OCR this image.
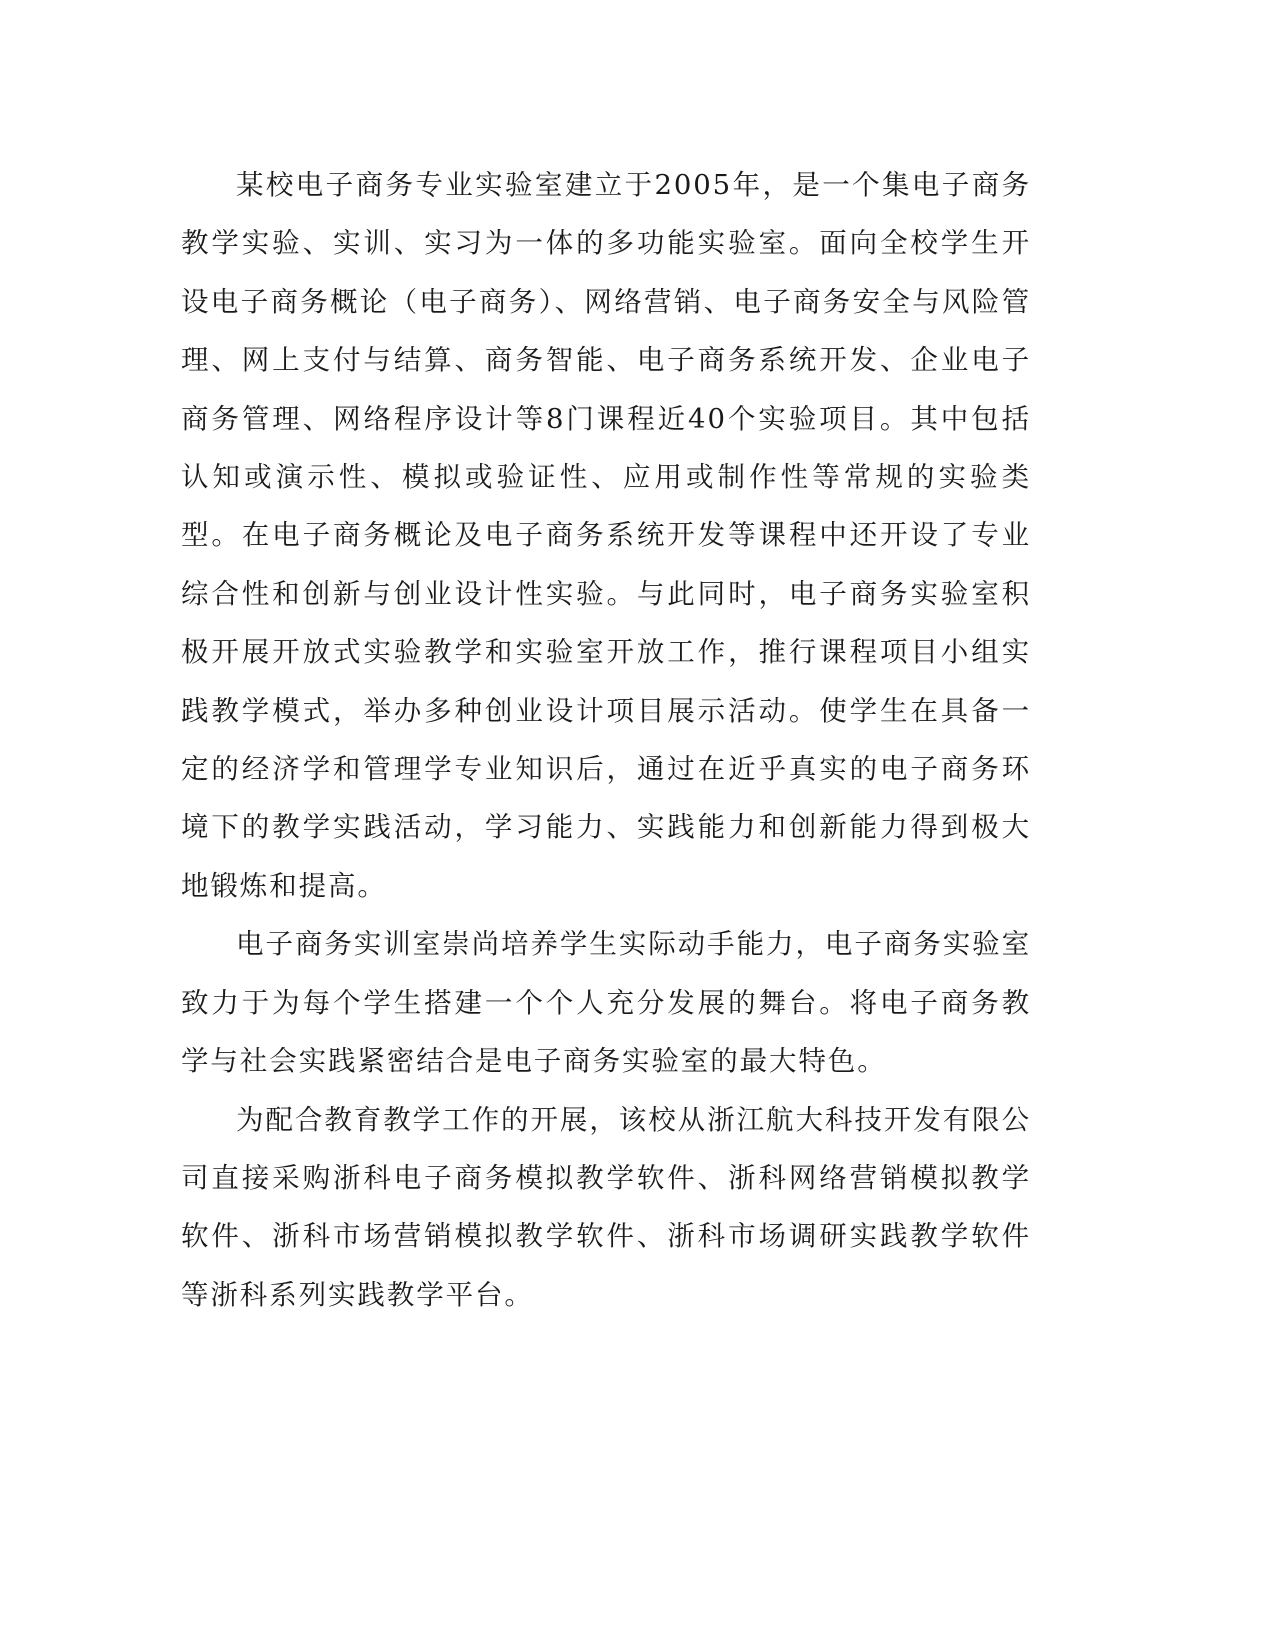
某校电子商务专业实验室建立于2005年，是一个集电子商务教学实验、实训、实习为一体的多功能实验室。面向全校学生开设电子商务概论（电子商务）、网络营销、电子商务安全与风险管理、网上支付与结算、商务智能、电子商务系统开发、企业电子商务管理、网络程序设计等8门课程近40个实验项目。其中包括认知或演示性、模拟或验证性、应用或制作性等常规的实验类型。在电子商务概论及电子商务系统开发等课程中还开设了专业综合性和创新与创业设计性实验。与此同时，电子商务实验室积极开展开放式实验教学和实验室开放工作，推行课程项目小组实践教学模式，举办多种创业设计项目展示活动。使学生在具备一定的经济学和管理学专业知识后，通过在近乎真实的电子商务环境下的教学实践活动，学习能力、实践能力和创新能力得到极大地锻炼和提高。

电子商务实训室崇尚培养学生实际动手能力，电子商务实验室致力于为每个学生搭建一个个人充分发展的舞台。将电子商务教学与社会实践紧密结合是电子商务实验室的最大特色。

为配合教育教学工作的开展，该校从浙江航大科技开发有限公司直接采购浙科电子商务模拟教学软件、浙科网络营销模拟教学软件、浙科市场营销模拟教学软件、浙科市场调研实践教学软件等浙科系列实践教学平台。
